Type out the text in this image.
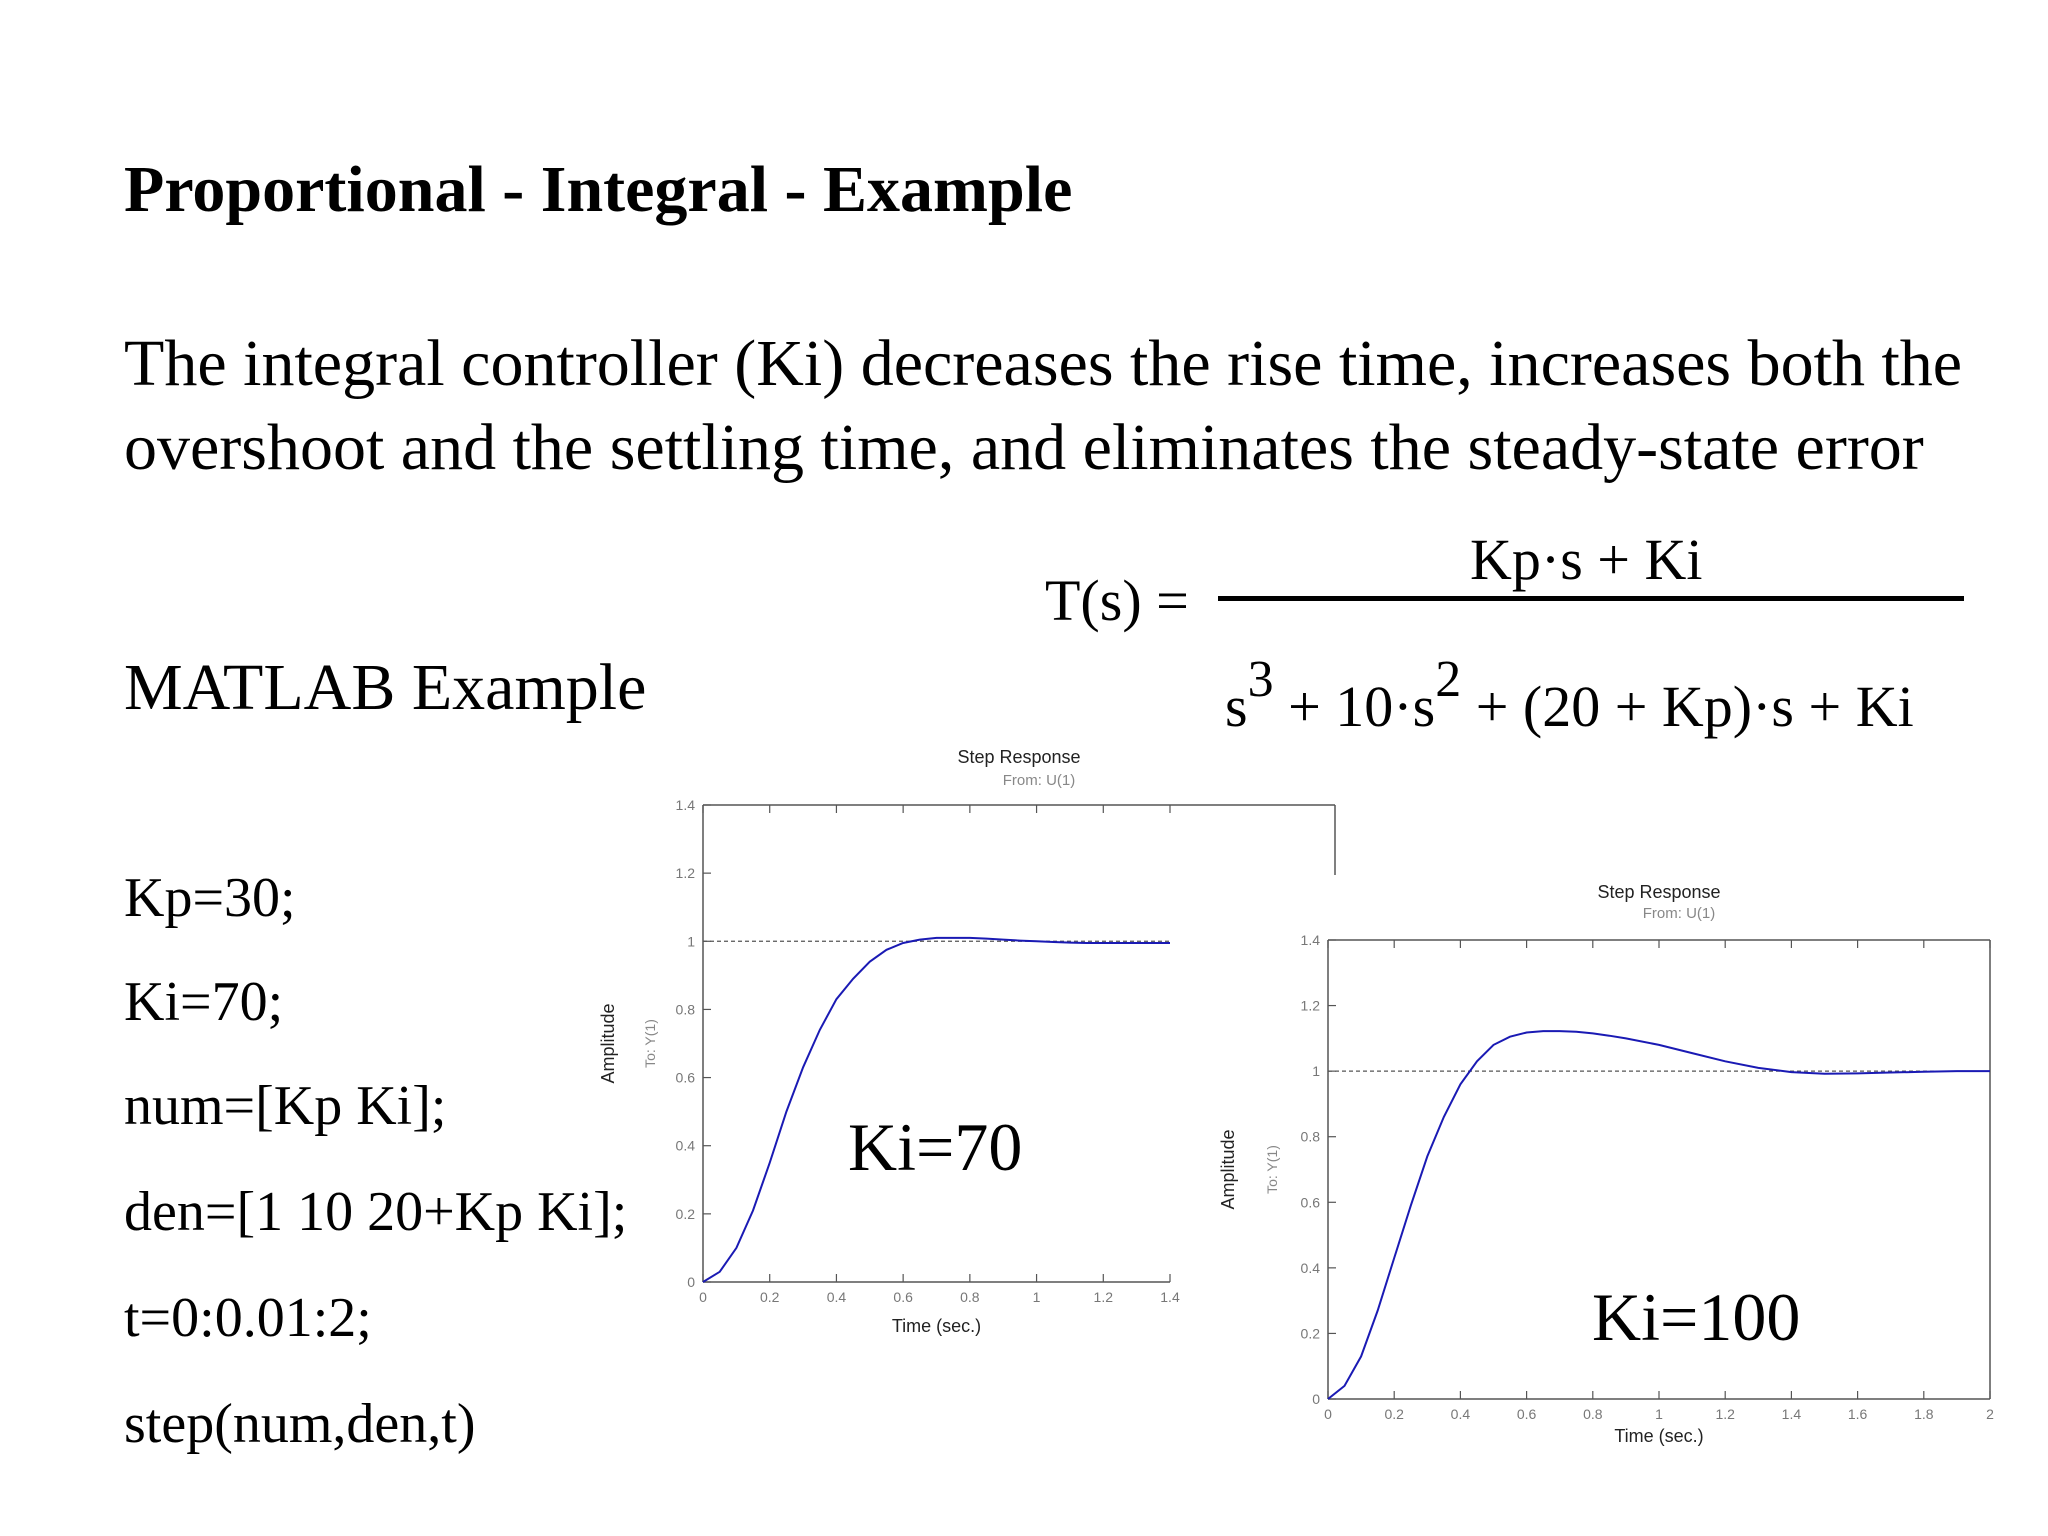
Proportional - Integral - Example
The integral controller (Ki) decreases the rise time, increases both the overshoot and the settling time, and eliminates the steady-state error
MATLAB Example
Kp=30;
Ki=70;
num=[Kp Ki];
den=[1 10 20+Kp Ki];
t=0:0.01:2;
step(num,den,t)
T(s) =
Kp·s + Ki
$s^3 + 10\cdot s^2 + (20 + Kp)\cdot s + Ki$
0
0.2
0.4
0.6
0.8
1
1.2
1.4
0	0.2	0.4	0.6	0.8	1	1.2	1.4
Step Response
From: U(1)
Time (sec.)
Amplitude To: Y(1)
0
0.2
0.4
0.6
0.8
1
1.2
1.4
0	0.2	0.4	0.6	0.8	1	1.2	1.4	1.6	1.8	2
Step Response
From: U(1)
Time (sec.)
Amplitude To: Y(1)
Ki=70
Ki=100
